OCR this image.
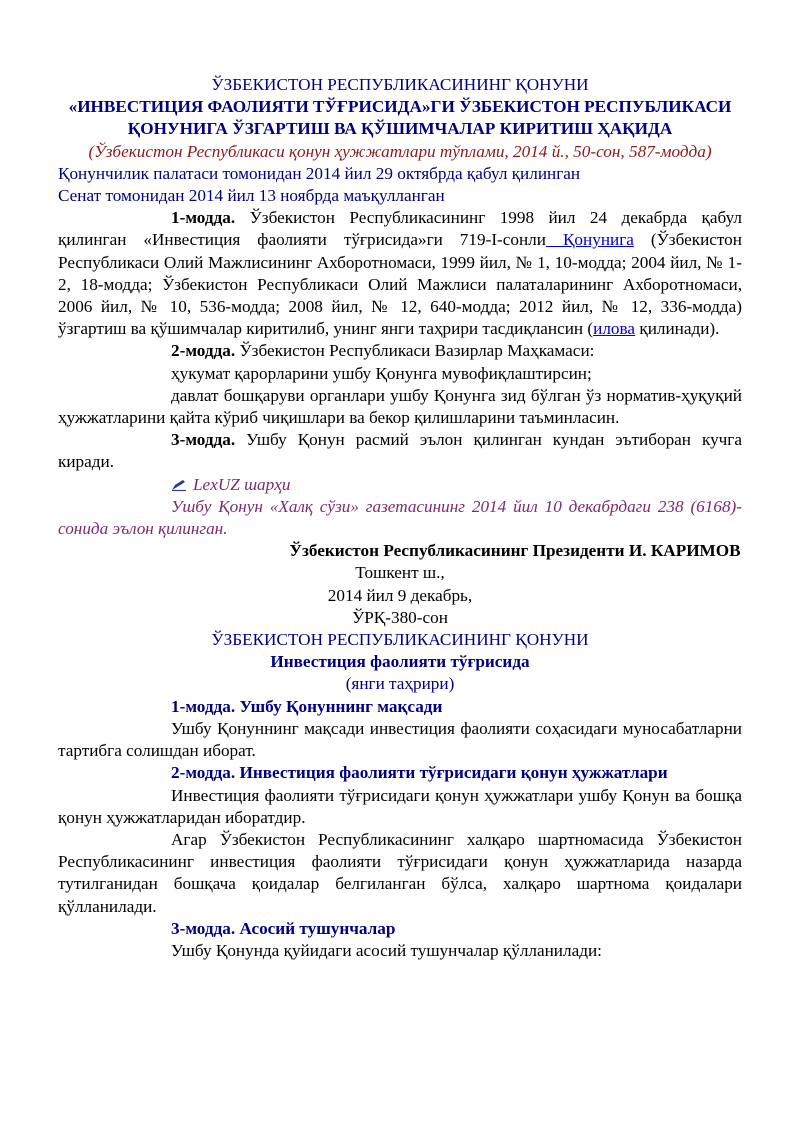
ЎЗБЕКИСТОН РЕСПУБЛИКАСИНИНГ ҚОНУНИ

«ИНВЕСТИЦИЯ ФАОЛИЯТИ ТЎҒРИСИДА»ГИ ЎЗБЕКИСТОН РЕСПУБЛИКАСИ ҚОНУНИГА ЎЗГАРТИШ ВА ҚЎШИМЧАЛАР КИРИТИШ ҲАҚИДА

(Ўзбекистон Республикаси қонун ҳужжатлари тўплами, 2014 й., 50-сон, 587-модда)

Қонунчилик палатаси томонидан 2014 йил 29 октябрда қабул қилинган

Сенат томонидан 2014 йил 13 ноябрда маъқулланган

1-модда. Ўзбекистон Республикасининг 1998 йил 24 декабрда қабул қилинган «Инвестиция фаолияти тўғрисида»ги 719-I-сонли Қонунига (Ўзбекистон Республикаси Олий Мажлисининг Ахборотномаси, 1999 йил, № 1, 10-модда; 2004 йил, № 1-2, 18-модда; Ўзбекистон Республикаси Олий Мажлиси палаталарининг Ахборотномаси, 2006 йил, № 10, 536-модда; 2008 йил, № 12, 640-модда; 2012 йил, № 12, 336-модда) ўзгартиш ва қўшимчалар киритилиб, унинг янги таҳрири тасдиқлансин (илова қилинади).

2-модда. Ўзбекистон Республикаси Вазирлар Маҳкамаси:

ҳукумат қарорларини ушбу Қонунга мувофиқлаштирсин;

давлат бошқаруви органлари ушбу Қонунга зид бўлган ўз норматив-ҳуқуқий ҳужжатларини қайта кўриб чиқишлари ва бекор қилишларини таъминласин.

3-модда. Ушбу Қонун расмий эълон қилинган кундан эътиборан кучга киради.

LexUZ шарҳи

Ушбу Қонун «Халқ сўзи» газетасининг 2014 йил 10 декабрдаги 238 (6168)-сонида эълон қилинган.

Ўзбекистон Республикасининг Президенти И. КАРИМОВ

Тошкент ш.,

2014 йил 9 декабрь,

ЎРҚ-380-сон

ЎЗБЕКИСТОН РЕСПУБЛИКАСИНИНГ ҚОНУНИ

Инвестиция фаолияти тўғрисида

(янги таҳрири)

1-модда. Ушбу Қонуннинг мақсади

Ушбу Қонуннинг мақсади инвестиция фаолияти соҳасидаги муносабатларни тартибга солишдан иборат.

2-модда. Инвестиция фаолияти тўғрисидаги қонун ҳужжатлари

Инвестиция фаолияти тўғрисидаги қонун ҳужжатлари ушбу Қонун ва бошқа қонун ҳужжатларидан иборатдир.

Агар Ўзбекистон Республикасининг халқаро шартномасида Ўзбекистон Республикасининг инвестиция фаолияти тўғрисидаги қонун ҳужжатларида назарда тутилганидан бошқача қоидалар белгиланган бўлса, халқаро шартнома қоидалари қўлланилади.

3-модда. Асосий тушунчалар

Ушбу Қонунда қуйидаги асосий тушунчалар қўлланилади:
